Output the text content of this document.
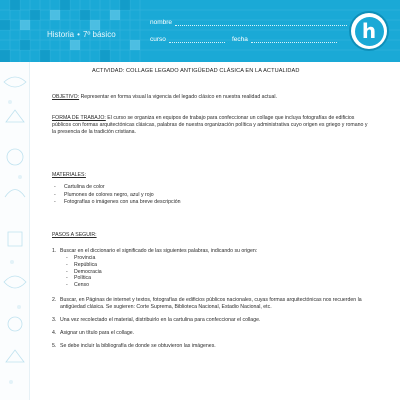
Historia • 7º básico
nombre
curso	fecha	h
ACTIVIDAD: COLLAGE LEGADO ANTIGÜEDAD CLÁSICA EN LA ACTUALIDAD
OBJETIVO: Representar en forma visual la vigencia del legado clásico en nuestra realidad actual.
FORMA DE TRABAJO: El curso se organiza en equipos de trabajo para confeccionar un collage que incluya fotografías de edificios públicos con formas arquitectónicas clásicas, palabras de nuestra organización política y administrativa cuyo origen es griego y romano y la presencia de la tradición cristiana.
MATERIALES:
- Cartulina de color
- Plumones de colores negro, azul y rojo
- Fotografías o imágenes con una breve descripción
PASOS A SEGUIR:
1. Buscar en el diccionario el significado de las siguientes palabras, indicando su origen:
- Provincia
- República
- Democracia
- Política
- Censo
2. Buscar, en Páginas de internet y textos, fotografías de edificios públicos nacionales, cuyas formas arquitectónicas nos recuerden la antigüedad clásica. Se sugieren: Corte Suprema, Biblioteca Nacional, Estadio Nacional, etc.
3. Una vez recolectado el material, distribuirlo en la cartulina para confeccionar el collage.
4. Asignar un título para el collage.
5. Se debe incluir la bibliografía de donde se obtuvieron las imágenes.
